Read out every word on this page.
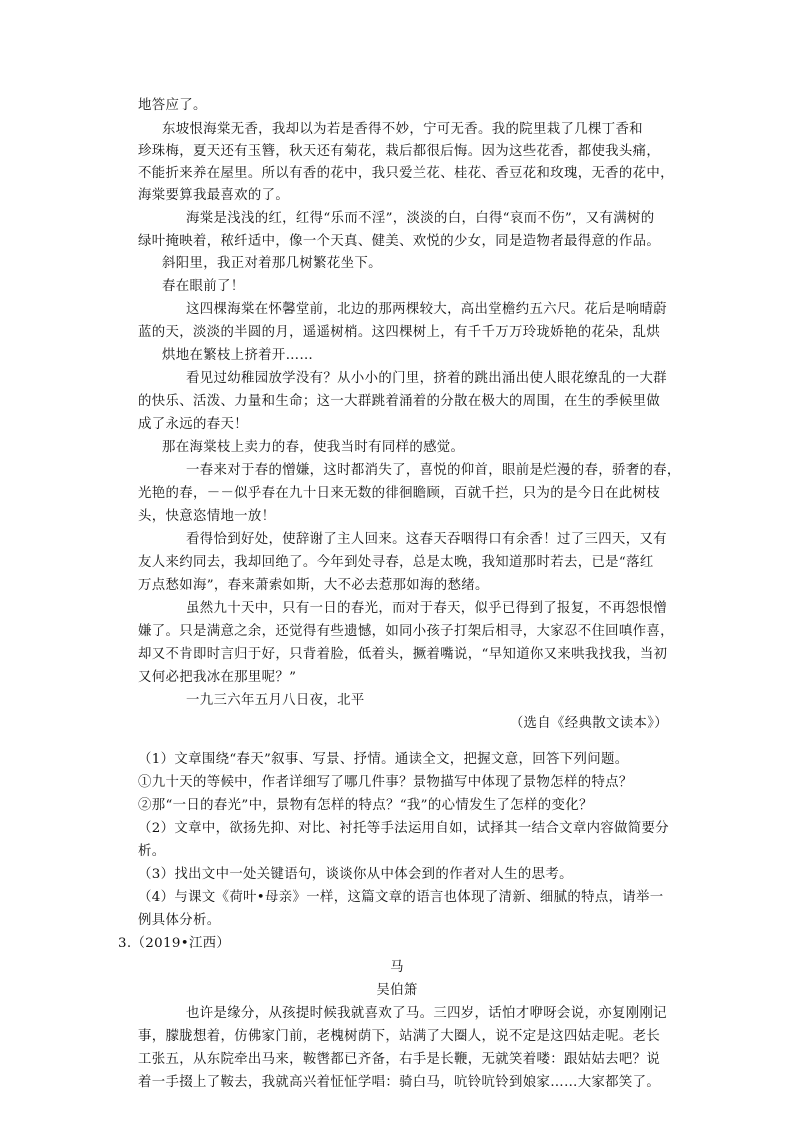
地答应了。
东坡恨海棠无香，我却以为若是香得不妙，宁可无香。我的院里栽了几棵丁香和
珍珠梅，夏天还有玉簪，秋天还有菊花，栽后都很后悔。因为这些花香，都使我头痛，
不能折来养在屋里。所以有香的花中，我只爱兰花、桂花、香豆花和玫瑰，无香的花中，
海棠要算我最喜欢的了。
海棠是浅浅的红，红得“乐而不淫”，淡淡的白，白得“哀而不伤”，又有满树的
绿叶掩映着，秾纤适中，像一个天真、健美、欢悦的少女，同是造物者最得意的作品。
斜阳里，我正对着那几树繁花坐下。
春在眼前了！
这四棵海棠在怀馨堂前，北边的那两棵较大，高出堂檐约五六尺。花后是响晴蔚
蓝的天，淡淡的半圆的月，遥遥树梢。这四棵树上，有千千万万玲珑娇艳的花朵，乱烘
烘地在繁枝上挤着开……
看见过幼稚园放学没有？从小小的门里，挤着的跳出涌出使人眼花缭乱的一大群
的快乐、活泼、力量和生命；这一大群跳着涌着的分散在极大的周围，在生的季候里做
成了永远的春天！
那在海棠枝上卖力的春，使我当时有同样的感觉。
一春来对于春的憎嫌，这时都消失了，喜悦的仰首，眼前是烂漫的春，骄奢的春，
光艳的春，－－似乎春在九十日来无数的徘徊瞻顾，百就千拦，只为的是今日在此树枝
头，快意恣情地一放！
看得恰到好处，使辞谢了主人回来。这春天吞咽得口有余香！过了三四天，又有
友人来约同去，我却回绝了。今年到处寻春，总是太晚，我知道那时若去，已是“落红
万点愁如海”，春来萧索如斯，大不必去惹那如海的愁绪。
虽然九十天中，只有一日的春光，而对于春天，似乎已得到了报复，不再怨恨憎
嫌了。只是满意之余，还觉得有些遗憾，如同小孩子打架后相寻，大家忍不住回嗔作喜，
却又不肯即时言归于好，只背着脸，低着头，撅着嘴说，“早知道你又来哄我找我，当初
又何必把我冰在那里呢？”
一九三六年五月八日夜，北平
（选自《经典散文读本》）
（1）文章围绕“春天”叙事、写景、抒情。通读全文，把握文意，回答下列问题。
①九十天的等候中，作者详细写了哪几件事？景物描写中体现了景物怎样的特点？
②那“一日的春光”中，景物有怎样的特点？“我”的心情发生了怎样的变化？
（2）文章中，欲扬先抑、对比、衬托等手法运用自如，试择其一结合文章内容做简要分
析。
（3）找出文中一处关键语句，谈谈你从中体会到的作者对人生的思考。
（4）与课文《荷叶•母亲》一样，这篇文章的语言也体现了清新、细腻的特点，请举一
例具体分析。
3.（2019•江西）
马
吴伯箫
也许是缘分，从孩提时候我就喜欢了马。三四岁，话怕才咿呀会说，亦复刚刚记
事，朦胧想着，仿佛家门前，老槐树荫下，站满了大圈人，说不定是这四姑走呢。老长
工张五，从东院牵出马来，鞍辔都已齐备，右手是长鞭，无就笑着喽：跟姑姑去吧？说
着一手掇上了鞍去，我就高兴着怔怔学唱：骑白马，吭铃吭铃到娘家……大家都笑了。
